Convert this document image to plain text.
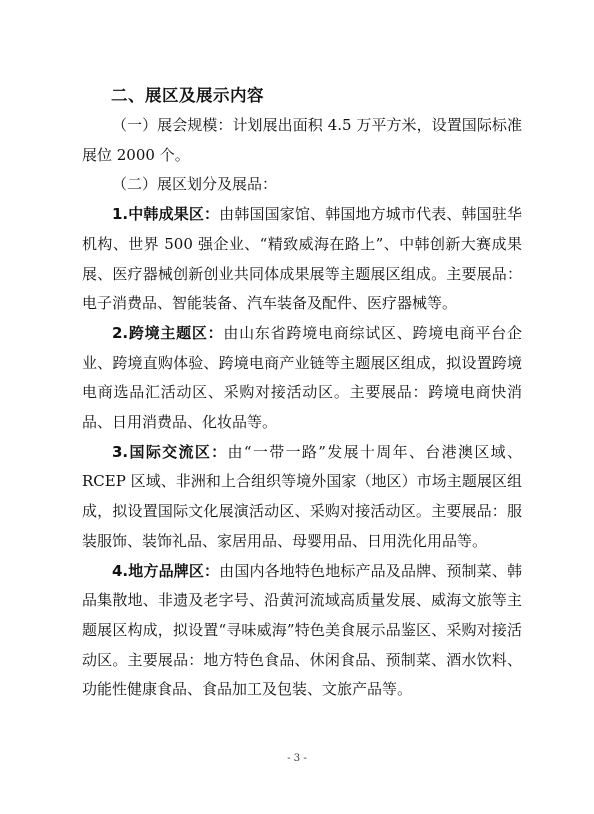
二、展区及展示内容

（一）展会规模：计划展出面积 4.5 万平方米，设置国际标准展位 2000 个。

（二）展区划分及展品：

1.中韩成果区：由韩国国家馆、韩国地方城市代表、韩国驻华机构、世界 500 强企业、“精致威海在路上”、中韩创新大赛成果展、医疗器械创新创业共同体成果展等主题展区组成。主要展品：电子消费品、智能装备、汽车装备及配件、医疗器械等。

2.跨境主题区：由山东省跨境电商综试区、跨境电商平台企业、跨境直购体验、跨境电商产业链等主题展区组成，拟设置跨境电商选品汇活动区、采购对接活动区。主要展品：跨境电商快消品、日用消费品、化妆品等。

3.国际交流区：由“一带一路”发展十周年、台港澳区域、RCEP 区域、非洲和上合组织等境外国家（地区）市场主题展区组成，拟设置国际文化展演活动区、采购对接活动区。主要展品：服装服饰、装饰礼品、家居用品、母婴用品、日用洗化用品等。

4.地方品牌区：由国内各地特色地标产品及品牌、预制菜、韩品集散地、非遗及老字号、沿黄河流域高质量发展、威海文旅等主题展区构成，拟设置“寻味威海”特色美食展示品鉴区、采购对接活动区。主要展品：地方特色食品、休闲食品、预制菜、酒水饮料、功能性健康食品、食品加工及包装、文旅产品等。

- 3 -
